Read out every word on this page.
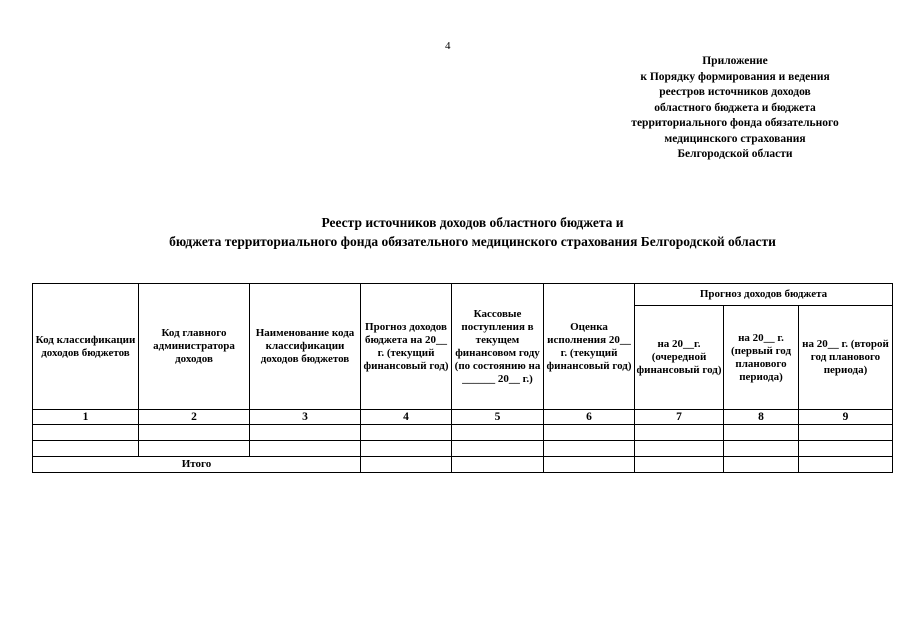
4
Приложение
к Порядку формирования и ведения
реестров источников доходов
областного бюджета и бюджета
территориального фонда обязательного
медицинского страхования
Белгородской области
Реестр источников доходов областного бюджета и
бюджета территориального фонда обязательного медицинского страхования Белгородской области
Код классификации доходов бюджетов	Код главного администратора доходов	Наименование кода классификации доходов бюджетов	Прогноз доходов бюджета на 20__ г. (текущий финансовый год)	Кассовые поступления в текущем финансовом году (по состоянию на ______ 20__ г.)	Оценка исполнения 20__ г. (текущий финансовый год)	Прогноз доходов бюджета		
						на 20__г. (очередной финансовый год)	на 20__ г. (первый год планового периода)	на 20__ г. (второй год планового периода)
1	2	3	4	5	6	7	8	9

Итого								
